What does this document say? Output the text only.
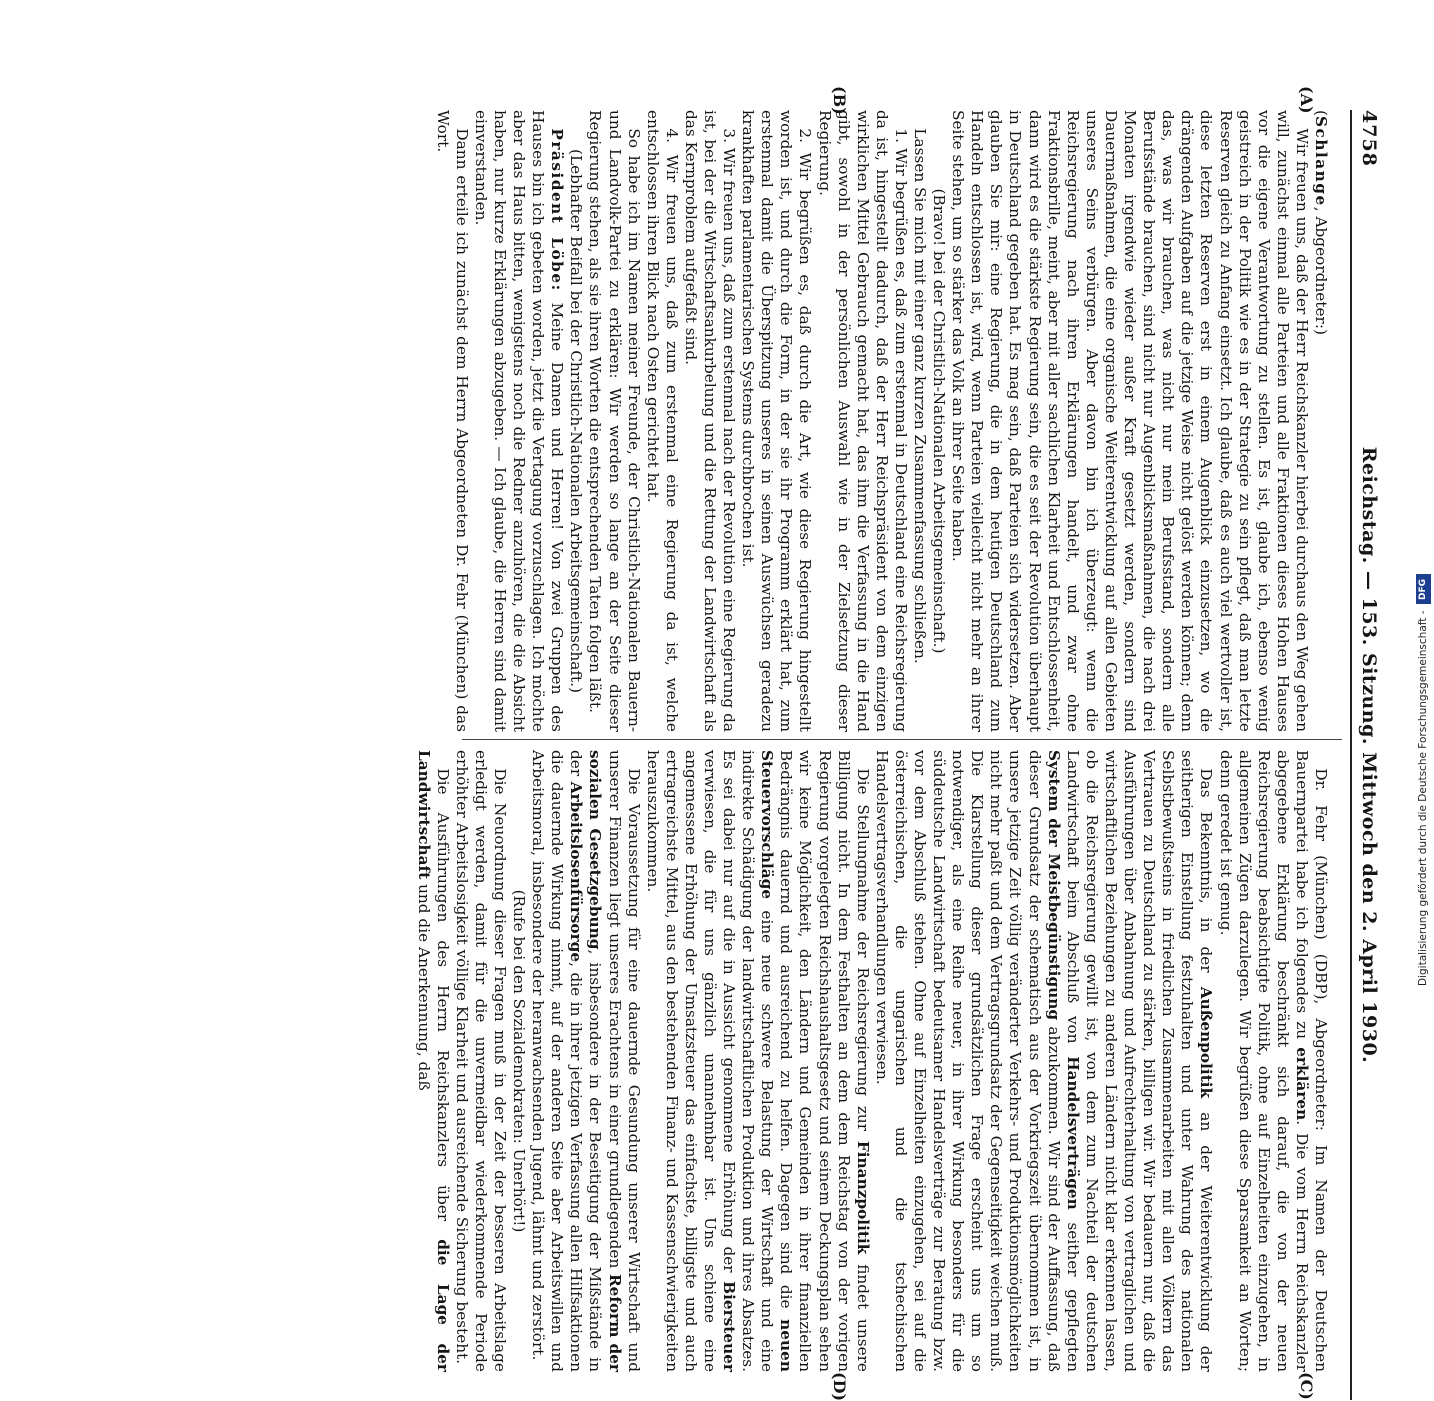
4758
Reichstag. — 153. Sitzung. Mittwoch den 2. April 1930.
(A)
(B)
(C)
(D)

(Schlange, Abgeordneter:)

Wir freuen uns, daß der Herr Reichskanzler hierbei durchaus den Weg gehen will, zunächst einmal alle Parteien und alle Fraktionen dieses Hohen Hauses vor die eigene Verantwortung zu stellen. Es ist, glaube ich, ebenso wenig geistreich in der Politik wie es in der Strategie zu sein pflegt, daß man letzte Reserven gleich zu Anfang einsetzt. Ich glaube, daß es auch viel wertvoller ist, diese letzten Reserven erst in einem Augenblick einzusetzen, wo die drängenden Aufgaben auf die jetzige Weise nicht gelöst werden können; denn das, was wir brauchen, was nicht nur mein Berufsstand, sondern alle Berufsstände brauchen, sind nicht nur Augenblicksmaßnahmen, die nach drei Monaten irgendwie wieder außer Kraft gesetzt werden, sondern sind Dauermaßnahmen, die eine organische Weiterentwicklung auf allen Gebieten unseres Seins verbürgen. Aber davon bin ich überzeugt: wenn die Reichsregierung nach ihren Erklärungen handelt, und zwar ohne Fraktionsbrille, meint, aber mit aller sachlichen Klarheit und Entschlossenheit, dann wird es die stärkste Regierung sein, die es seit der Revolution überhaupt in Deutschland gegeben hat. Es mag sein, daß Parteien sich widersetzen. Aber glauben Sie mir: eine Regierung, die in dem heutigen Deutschland zum Handeln entschlossen ist, wird, wenn Parteien vielleicht nicht mehr an ihrer Seite stehen, um so stärker das Volk an ihrer Seite haben.

(Bravo! bei der Christlich-Nationalen Arbeitsgemeinschaft.)

Lassen Sie mich mit einer ganz kurzen Zusammenfassung schließen.

1. Wir begrüßen es, daß zum erstenmal in Deutschland eine Reichsregierung da ist, hingestellt dadurch, daß der Herr Reichspräsident von dem einzigen wirklichen Mittel Gebrauch gemacht hat, das ihm die Verfassung in die Hand gibt, sowohl in der persönlichen Auswahl wie in der Zielsetzung dieser Regierung.

2. Wir begrüßen es, daß durch die Art, wie diese Regierung hingestellt worden ist, und durch die Form, in der sie ihr Programm erklärt hat, zum erstenmal damit die Überspitzung unseres in seinen Auswüchsen geradezu krankhaften parlamentarischen Systems durchbrochen ist.

3. Wir freuen uns, daß zum erstenmal nach der Revolution eine Regierung da ist, bei der die Wirtschaftsankurbelung und die Rettung der Landwirtschaft als das Kernproblem aufgefaßt sind.

4. Wir freuen uns, daß zum erstenmal eine Regierung da ist, welche entschlossen ihren Blick nach Osten gerichtet hat.

So habe ich im Namen meiner Freunde, der Christlich-Nationalen Bauern- und Landvolk-Partei zu erklären: Wir werden so lange an der Seite dieser Regierung stehen, als sie ihren Worten die entsprechenden Taten folgen läßt.

(Lebhafter Beifall bei der Christlich-Nationalen Arbeitsgemeinschaft.)

Präsident Löbe: Meine Damen und Herren! Von zwei Gruppen des Hauses bin ich gebeten worden, jetzt die Vertagung vorzuschlagen. Ich möchte aber das Haus bitten, wenigstens noch die Redner anzuhören, die die Absicht haben, nur kurze Erklärungen abzugeben. — Ich glaube, die Herren sind damit einverstanden.

Dann erteile ich zunächst dem Herrn Abgeordneten Dr. Fehr (München) das Wort.

Dr. Fehr (München) (DBP), Abgeordneter: Im Namen der Deutschen Bauernpartei habe ich folgendes zu erklären. Die vom Herrn Reichskanzler abgegebene Erklärung beschränkt sich darauf, die von der neuen Reichsregierung beabsichtigte Politik, ohne auf Einzelheiten einzugehen, in allgemeinen Zügen darzulegen. Wir begrüßen diese Sparsamkeit an Worten; denn geredet ist genug.

Das Bekenntnis, in der Außenpolitik an der Weiterentwicklung der seitherigen Einstellung festzuhalten und unter Wahrung des nationalen Selbstbewußtseins in friedlichen Zusammenarbeiten mit allen Völkern das Vertrauen zu Deutschland zu stärken, billigen wir. Wir bedauern nur, daß die Ausführungen über Anbahnung und Aufrechterhaltung von vertraglichen und wirtschaftlichen Beziehungen zu anderen Ländern nicht klar erkennen lassen, ob die Reichsregierung gewillt ist, von dem zum Nachteil der deutschen Landwirtschaft beim Abschluß von Handelsverträgen seither gepflegten System der Meistbegünstigung abzukommen. Wir sind der Auffassung, daß dieser Grundsatz der schematisch aus der Vorkriegszeit übernommen ist, in unsere jetzige Zeit völlig veränderter Verkehrs- und Produktionsmöglichkeiten nicht mehr paßt und dem Vertragsgrundsatz der Gegenseitigkeit weichen muß. Die Klarstellung dieser grundsätzlichen Frage erscheint uns um so notwendiger, als eine Reihe neuer, in ihrer Wirkung besonders für die süddeutsche Landwirtschaft bedeutsamer Handelsverträge zur Beratung bzw. vor dem Abschluß stehen. Ohne auf Einzelheiten einzugehen, sei auf die österreichischen, die ungarischen und die tschechischen Handelsvertragsverhandlungen verwiesen.

Die Stellungnahme der Reichsregierung zur Finanzpolitik findet unsere Billigung nicht. In dem Festhalten an dem dem Reichstag von der vorigen Regierung vorgelegten Reichshaushaltsgesetz und seinem Deckungsplan sehen wir keine Möglichkeit, den Ländern und Gemeinden in ihrer finanziellen Bedrängnis dauernd und ausreichend zu helfen. Dagegen sind die neuen Steuervorschläge eine neue schwere Belastung der Wirtschaft und eine indirekte Schädigung der landwirtschaftlichen Produktion und ihres Absatzes. Es sei dabei nur auf die in Aussicht genommene Erhöhung der Biersteuer verwiesen, die für uns gänzlich unannehmbar ist. Uns schiene eine angemessene Erhöhung der Umsatzsteuer das einfachste, billigste und auch ertragreichste Mittel, aus den bestehenden Finanz- und Kassenschwierigkeiten herauszukommen.

Die Voraussetzung für eine dauernde Gesundung unserer Wirtschaft und unserer Finanzen liegt unseres Erachtens in einer grundlegenden Reform der sozialen Gesetzgebung, insbesondere in der Beseitigung der Mißstände in der Arbeitslosenfürsorge, die in ihrer jetzigen Verfassung allen Hilfsaktionen die dauernde Wirkung nimmt, auf der anderen Seite aber Arbeitswillen und Arbeitsmoral, insbesondere der heranwachsenden Jugend, lähmt und zerstört.

(Rufe bei den Sozialdemokraten: Unerhört!)

Die Neuordnung dieser Fragen muß in der Zeit der besseren Arbeitslage erledigt werden, damit für die unvermeidbar wiederkommende Periode erhöhter Arbeitslosigkeit völlige Klarheit und ausreichende Sicherung besteht.

Die Ausführungen des Herrn Reichskanzlers über die Lage der Landwirtschaft und die Anerkennung, daß

Digitalisierung gefördert durch die Deutsche Forschungsgemeinschaft -DFG
